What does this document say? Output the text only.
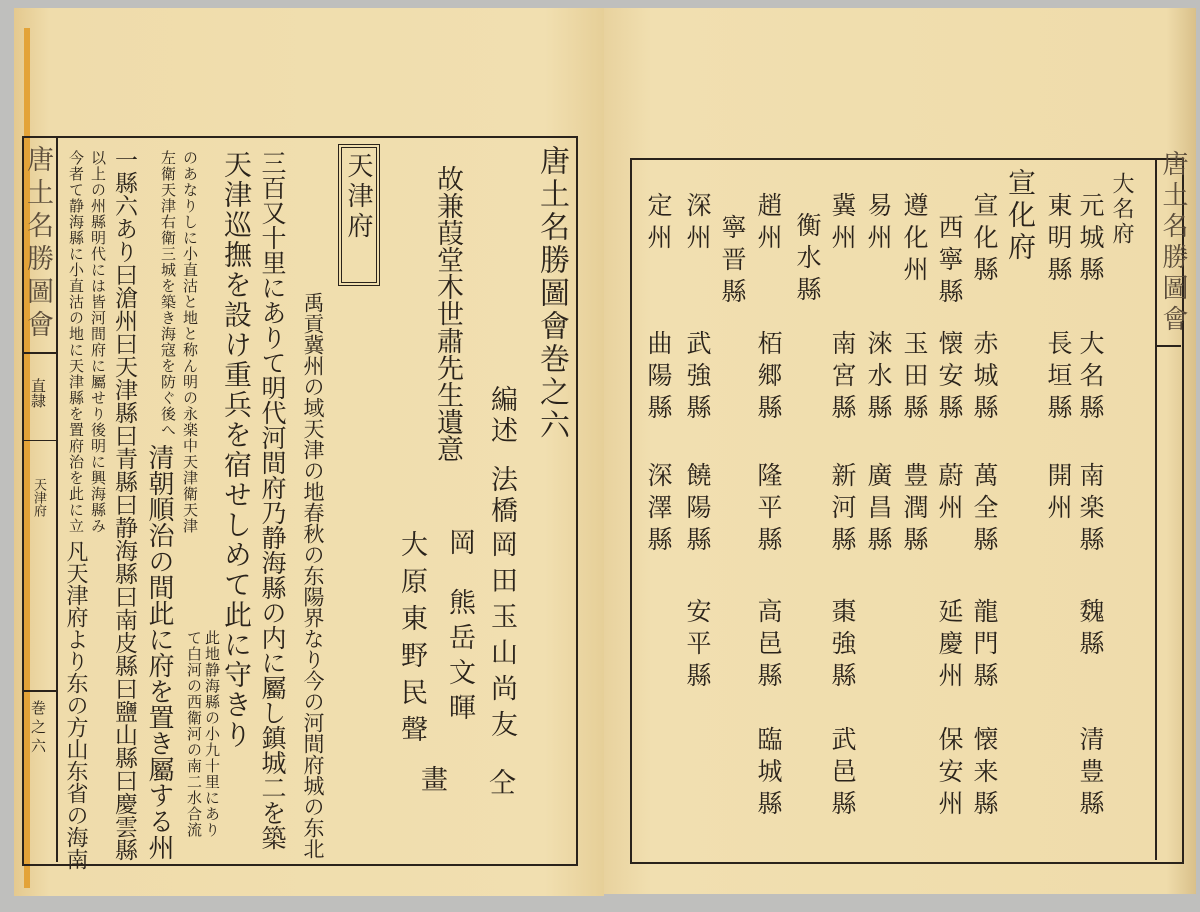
唐土名勝圖會
直隷
天津府
巻之六
唐土名勝圖會巻之六
故兼葭堂木世肅先生遺意 編述
法橋
岡田玉山尚友
岡
熊岳文暉
大原東野民聲
仝
畫
天津府
禹貢冀州の域天津の地春秋の东陽界なり今の河間府城の东北
三百又十里にありて明代河間府乃静海縣の内に屬し鎮城二を築
天津巡撫を設け重兵を宿せしめて此に守きり
此地静海縣の小九十里にあり
て白河の西衛河の南二水合流
のあなりしに小直沽と地と称ん明の永楽中天津衛天津
左衛天津右衛三城を築き海寇を防ぐ後へ
清朝順治の間此に府を置き屬する州
一縣六あり曰滄州曰天津縣曰青縣曰静海縣曰南皮縣曰鹽山縣曰慶雲縣
以上の州縣明代には皆河間府に屬せり後明に興海縣み
今者て静海縣に小直沽の地に天津縣を置府治を此に立
凡天津府より东の方山东省の海南
唐土名勝圖會
大名府
宣化府 元城縣
大名縣
南楽縣
魏縣
清豊縣
東明縣
長垣縣
開州
宣化縣
赤城縣
萬全縣
龍門縣
懐来縣
西寧縣
懐安縣
蔚州
延慶州
保安州
遵化州
玉田縣
豊潤縣
易州
淶水縣
廣昌縣
冀州
南宮縣
新河縣
棗強縣
武邑縣
衡水縣
趙州
栢郷縣
隆平縣
高邑縣
臨城縣
寧晋縣
深州
武強縣
饒陽縣
安平縣
定州
曲陽縣
深澤縣
